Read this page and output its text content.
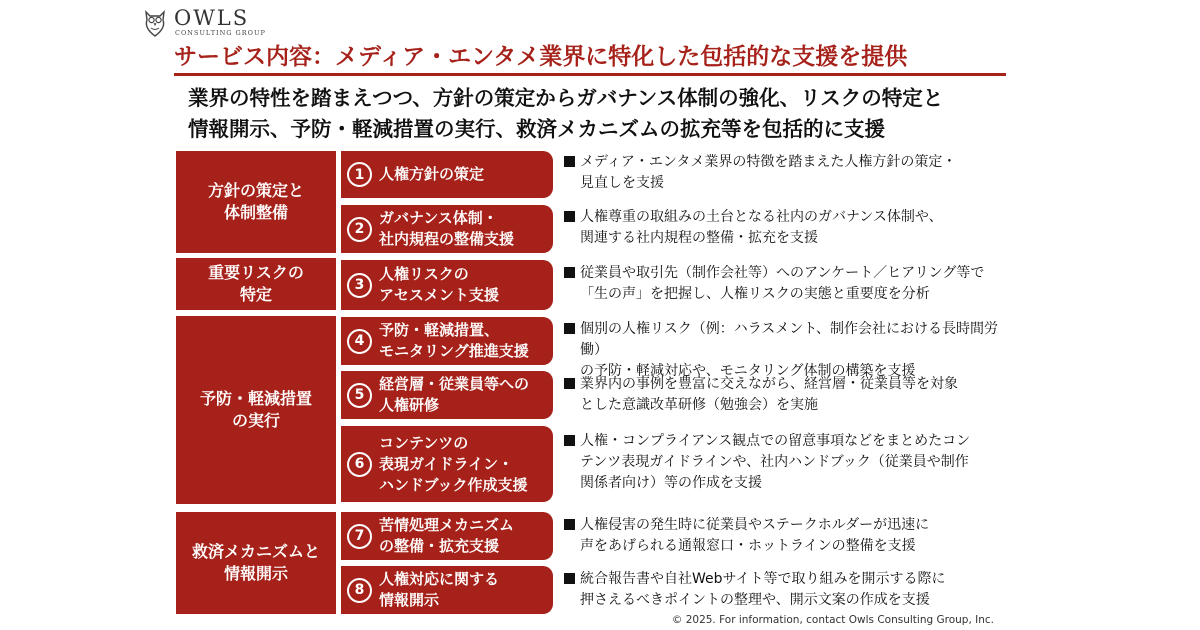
OWLS
CONSULTING GROUP
サービス内容：メディア・エンタメ業界に特化した包括的な支援を提供
業界の特性を踏まえつつ、方針の策定からガバナンス体制の強化、リスクの特定と
情報開示、予防・軽減措置の実行、救済メカニズムの拡充等を包括的に支援
方針の策定と
体制整備
重要リスクの
特定
予防・軽減措置
の実行
救済メカニズムと
情報開示
1 人権方針の策定
2
ガバナンス体制・
社内規程の整備支援
3
人権リスクの
アセスメント支援
4
予防・軽減措置、
モニタリング推進支援
5
経営層・従業員等への
人権研修
6
コンテンツの
表現ガイドライン・
ハンドブック作成支援
7
苦情処理メカニズム
の整備・拡充支援
8
人権対応に関する
情報開示
メディア・エンタメ業界の特徴を踏まえた人権方針の策定・
見直しを支援
人権尊重の取組みの土台となる社内のガバナンス体制や、
関連する社内規程の整備・拡充を支援
従業員や取引先（制作会社等）へのアンケート／ヒアリング等で
「生の声」を把握し、人権リスクの実態と重要度を分析
個別の人権リスク（例：ハラスメント、制作会社における長時間労働）
の予防・軽減対応や、モニタリング体制の構築を支援
業界内の事例を豊富に交えながら、経営層・従業員等を対象
とした意識改革研修（勉強会）を実施
人権・コンプライアンス観点での留意事項などをまとめたコン
テンツ表現ガイドラインや、社内ハンドブック（従業員や制作
関係者向け）等の作成を支援
人権侵害の発生時に従業員やステークホルダーが迅速に
声をあげられる通報窓口・ホットラインの整備を支援
統合報告書や自社Webサイト等で取り組みを開示する際に
押さえるべきポイントの整理や、開示文案の作成を支援
© 2025. For information, contact Owls Consulting Group, Inc.
